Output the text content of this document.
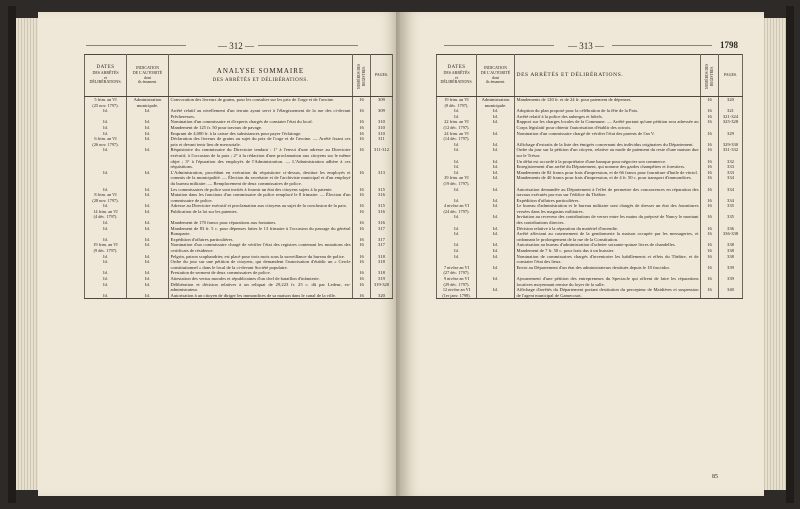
— 312 —
DATES
DES ARRÊTÉS
et
DÉLIBÉRATIONS.	INDICATION
DE L'AUTORITÉ
dont
ils émanent.	ANALYSE SOMMAIRE
DES ARRÊTÉS ET DÉLIBÉRATIONS.	NUMÉROS DES REGISTRES.	PAGES.
5 frim. an VI
(25 nov. 1797).	Administration
municipale.	Convocation des livreurs de grains, pour les consulter sur les prix de l'orge et de l'avoine.	16	309
Id.	Id.	Arrêté relatif au nivellement d'un terrain ayant servi à l'élargissement de la rue des ci-devant Prêcheresses.	16	309
Id.	Id.	Nomination d'un commissaire et d'experts chargés de constater l'état du local.	16	310
Id.	Id.	Mandement de 125 fr. 50 pour travaux de pavage.	16	310
Id.	Id.	Emprunt de 4,000 fr. à la caisse des subsistances pour payer l'éclairage.	16	310
6 frim. an VI
(26 nov. 1797).	Id.	Déclaration des livreurs de grains au sujet du prix de l'orge et de l'avoine. — Arrêté fixant ces prix et devant tenir lieu de mercuriale.	16	311
Id.	Id.	Réquisitoire du commissaire du Directoire tendant : 1° à l'envoi d'une adresse au Directoire exécutif, à l'occasion de la paix ; 2° à la rédaction d'une proclamation aux citoyens sur le même objet ; 3° à l'épuration des employés de l'Administration. — L'Administration adhère à ces réquisitions.	16	311-312
Id.	Id.	L'Administration, procédant en exécution du réquisitoire ci-dessus, destitue les employés et commis de la municipalité. — Élection du secrétaire et de l'archiviste municipal et d'un employé du bureau militaire. — Remplacement de deux commissaires de police.	16	313
Id.	Id.	Les commissaires de police sont invités à fournir un état des citoyens sujets à la patente.	16	315
8 frim. an VI
(28 nov. 1797).	Id.	Mutation dans les fonctions d'un commissaire de police remplacé le 8 frimaire. — Élection d'un commissaire de police.	16	316
Id.	Id.	Adresse au Directoire exécutif et proclamation aux citoyens au sujet de la conclusion de la paix.	16	315
14 frim. an VI
(4 déc. 1797).	Id.	Publication de la loi sur les patentes.	16	316
Id.	Id.	Mandement de 170 francs pour réparations aux fontaines.	16	316
Id.	Id.	Mandement de 83 fr. 5 c. pour dépenses faites le 13 frimaire à l'occasion du passage du général Bonaparte.	16	317
Id.	Id.	Expédition d'affaires particulières.	16	317
19 frim. an VI
(9 déc. 1797).	Id.	Nomination d'un commissaire chargé de vérifier l'état des registres contenant les mutations des certificats de résidence.	16	317
Id.	Id.	Pelgrin, patron scaphandrier, est placé pour trois mois sous la surveillance du bureau de police.	16	318
Id.	Id.	Ordre du jour sur une pétition de citoyens, qui demandent l'autorisation d'établir un « Cercle constitutionnel » dans le local de la ci-devant Société populaire.	16	318
Id.	Id.	Prestation de serment de deux commissaires de police.	16	318
Id.	Id.	Attestation des vertus morales et républicaines d'un chef de bataillon d'infanterie.	16	319
Id.	Id.	Délibération et décision relatives à un reliquat de 29,223 fr. 25 c. dû par Ledeur, ex-administrateur.	16	319-320
Id.	Id.	Autorisation à un citoyen de diriger les immondices de sa maison dans le canal de la ville.	16	320
— 313 —	1798
DATES
DES ARRÊTÉS
et
DÉLIBÉRATIONS.	INDICATION
DE L'AUTORITÉ
dont
ils émanent.	DES ARRÊTÉS ET DÉLIBÉRATIONS.	NUMÉROS DES REGISTRES.	PAGES.
19 frim. an VI
(9 déc. 1797).	Administration
municipale.	Mandements de 120 fr. et de 24 fr. pour paiement de dépenses.	16	320
Id.	Id.	Adoption du plan proposé pour la célébration de la fête de la Paix.	16	321
Id.	Id.	Arrêté relatif à la police des auberges et hôtels.	16	321-324
22 frim. an VI
(12 déc. 1797).	Id.	Rapport sur les charges locales de la Commune. — Arrêté portant qu'une pétition sera adressée au Corps législatif pour obtenir l'autorisation d'établir des octrois.	16	325-328
24 frim. an VI
(14 déc. 1797).	Id.	Nomination d'un commissaire chargé de vérifier l'état des parents de l'an V.	16	329
Id.	Id.	Affichage d'extraits de la liste des émigrés concernant des individus originaires du Département.	16	329-330
Id.	Id.	Ordre du jour sur la pétition d'un citoyen, relative au mode de paiement du reste d'une maison due sur le Trésor.	16	331-332
Id.	Id.	Un délai est accordé à la propriétaire d'une baraque pour négocier son commerce.	16	332
Id.	Id.	Enregistrement d'un arrêté du Département, qui nomme des gardes champêtres et forestiers.	16	333
Id.	Id.	Mandements de 82 francs pour frais d'impression, et de 66 francs pour fourniture d'huile de vitriol.	16	333
29 frim. an VI
(19 déc. 1797).	Id.	Mandements de 40 francs pour frais d'impression, et de 4 fr. 50 c. pour transport d'immondices.	16	334
Id.	Id.	Autorisation demandée au Département à l'effet de permettre des concurrences en réparation des travaux exécutés par eux sur l'édifice du Théâtre.	16	334
Id.	Id.	Expédition d'affaires particulières.	16	334
4 nivôse an VI
(24 déc. 1797).	Id.	Le bureau d'administration et le bureau militaire sont chargés de dresser un état des fournitures versées dans les magasins militaires.	16	335
Id.	Id.	Invitation au receveur des contributions de verser entre les mains du préposé de Nancy le montant des contributions directes.	16	335
Id.	Id.	Décision relative à la réparation du matériel d'incendie.	16	336
Id.	Id.	Arrêté affectant au casernement de la gendarmerie la maison occupée par les messageries, et ordonnant le prolongement de la rue de la Constitution.	16	336-338
Id.	Id.	Autorisation au bureau d'administration d'acheter soixante-quinze livres de chandelles.	16	338
Id.	Id.	Mandement de 7 fr. 50 c. pour frais dus à un huissier.	16	338
Id.	Id.	Nomination de commissaires chargés d'inventorier les habillements et effets du Théâtre, et de constater l'état des lieux.	16	338
7 nivôse an VI
(27 déc. 1797).	Id.	Envoi au Département d'un état des administrateurs destitués depuis le 18 fructidor.	16	339
9 nivôse an VI
(29 déc. 1797).	Id.	Ajournement d'une pétition des entrepreneurs du Spectacle qui offrent de faire les réparations locatives moyennant remise du loyer de la salle.	16	339
12 nivôse an VI
(1er janv. 1798).	Id.	Affichage d'arrêtés du Département portant destitution du percepteur de Maidières et suspension de l'agent municipal de Gamecourt.	16	340
85
